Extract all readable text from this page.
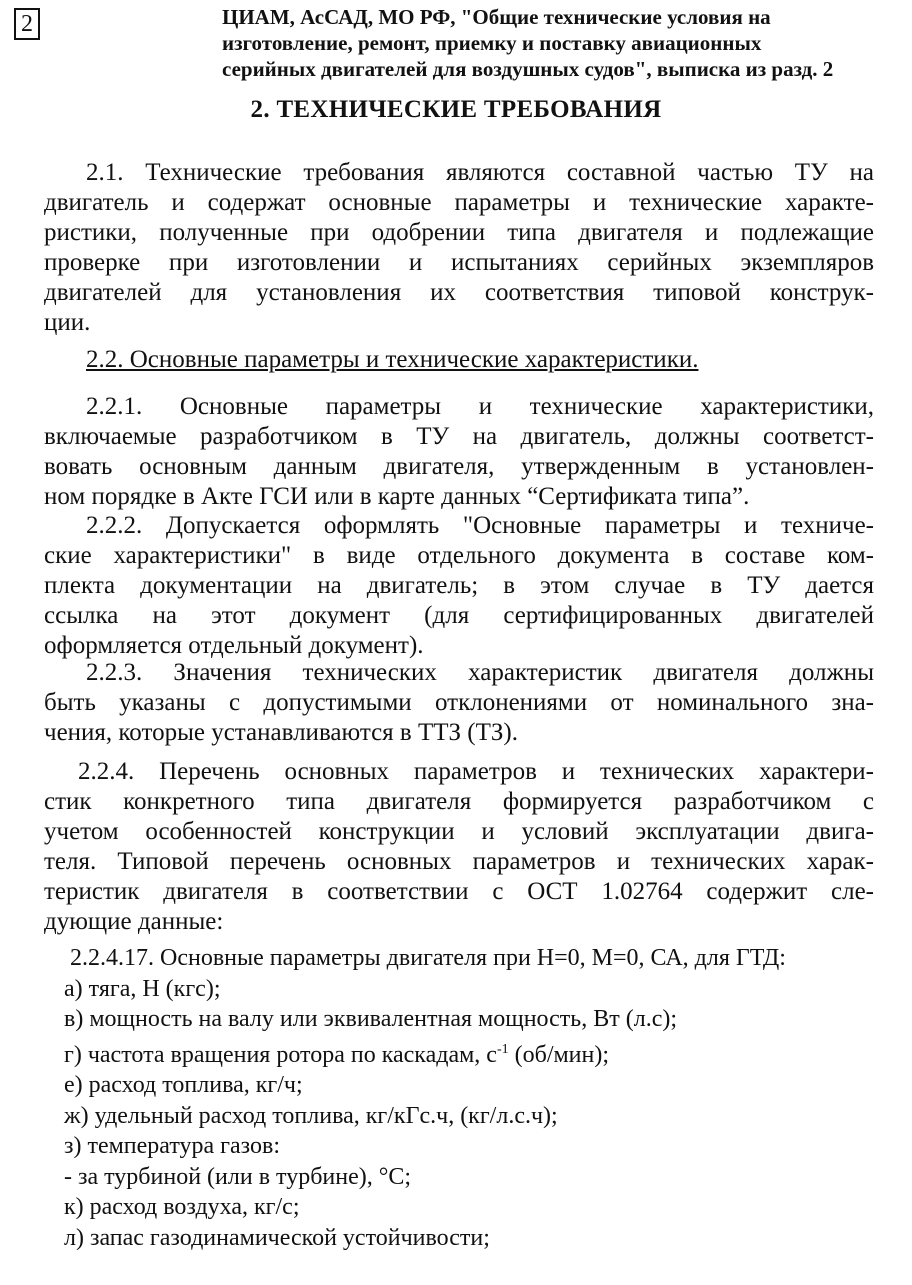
2	ЦИАМ, АсСАД, МО РФ, "Общие технические условия на
изготовление, ремонт, приемку и поставку авиационных
серийных двигателей для воздушных судов", выписка из разд. 2
2. ТЕХНИЧЕСКИЕ ТРЕБОВАНИЯ

2.1. Технические требования являются составной частью ТУ на
двигатель и содержат основные параметры и технические характе-
ристики, полученные при одобрении типа двигателя и подлежащие
проверке при изготовлении и испытаниях серийных экземпляров
двигателей для установления их соответствия типовой конструк-
ции.

2.2. Основные параметры и технические характеристики.

2.2.1. Основные параметры и технические характеристики,
включаемые разработчиком в ТУ на двигатель, должны соответст-
вовать основным данным двигателя, утвержденным в установлен-
ном порядке в Акте ГСИ или в карте данных “Сертификата типа”.

2.2.2. Допускается оформлять "Основные параметры и техниче-
ские характеристики" в виде отдельного документа в составе ком-
плекта документации на двигатель; в этом случае в ТУ дается
ссылка на этот документ (для сертифицированных двигателей
оформляется отдельный документ).

2.2.3. Значения технических характеристик двигателя должны
быть указаны с допустимыми отклонениями от номинального зна-
чения, которые устанавливаются в ТТЗ (ТЗ).

2.2.4. Перечень основных параметров и технических характери-
стик конкретного типа двигателя формируется разработчиком с
учетом особенностей конструкции и условий эксплуатации двига-
теля. Типовой перечень основных параметров и технических харак-
теристик двигателя в соответствии с ОСТ 1.02764 содержит сле-
дующие данные:

2.2.4.17. Основные параметры двигателя при Н=0, М=0, СА, для ГТД:
а) тяга, Н (кгс);
в) мощность на валу или эквивалентная мощность, Вт (л.с);
г) частота вращения ротора по каскадам, $с^{-1}$ (об/мин);
е) расход топлива, кг/ч;
ж) удельный расход топлива, кг/кГс.ч, (кг/л.с.ч);
з) температура газов:
- за турбиной (или в турбине), °С;
к) расход воздуха, кг/с;
л) запас газодинамической устойчивости;
